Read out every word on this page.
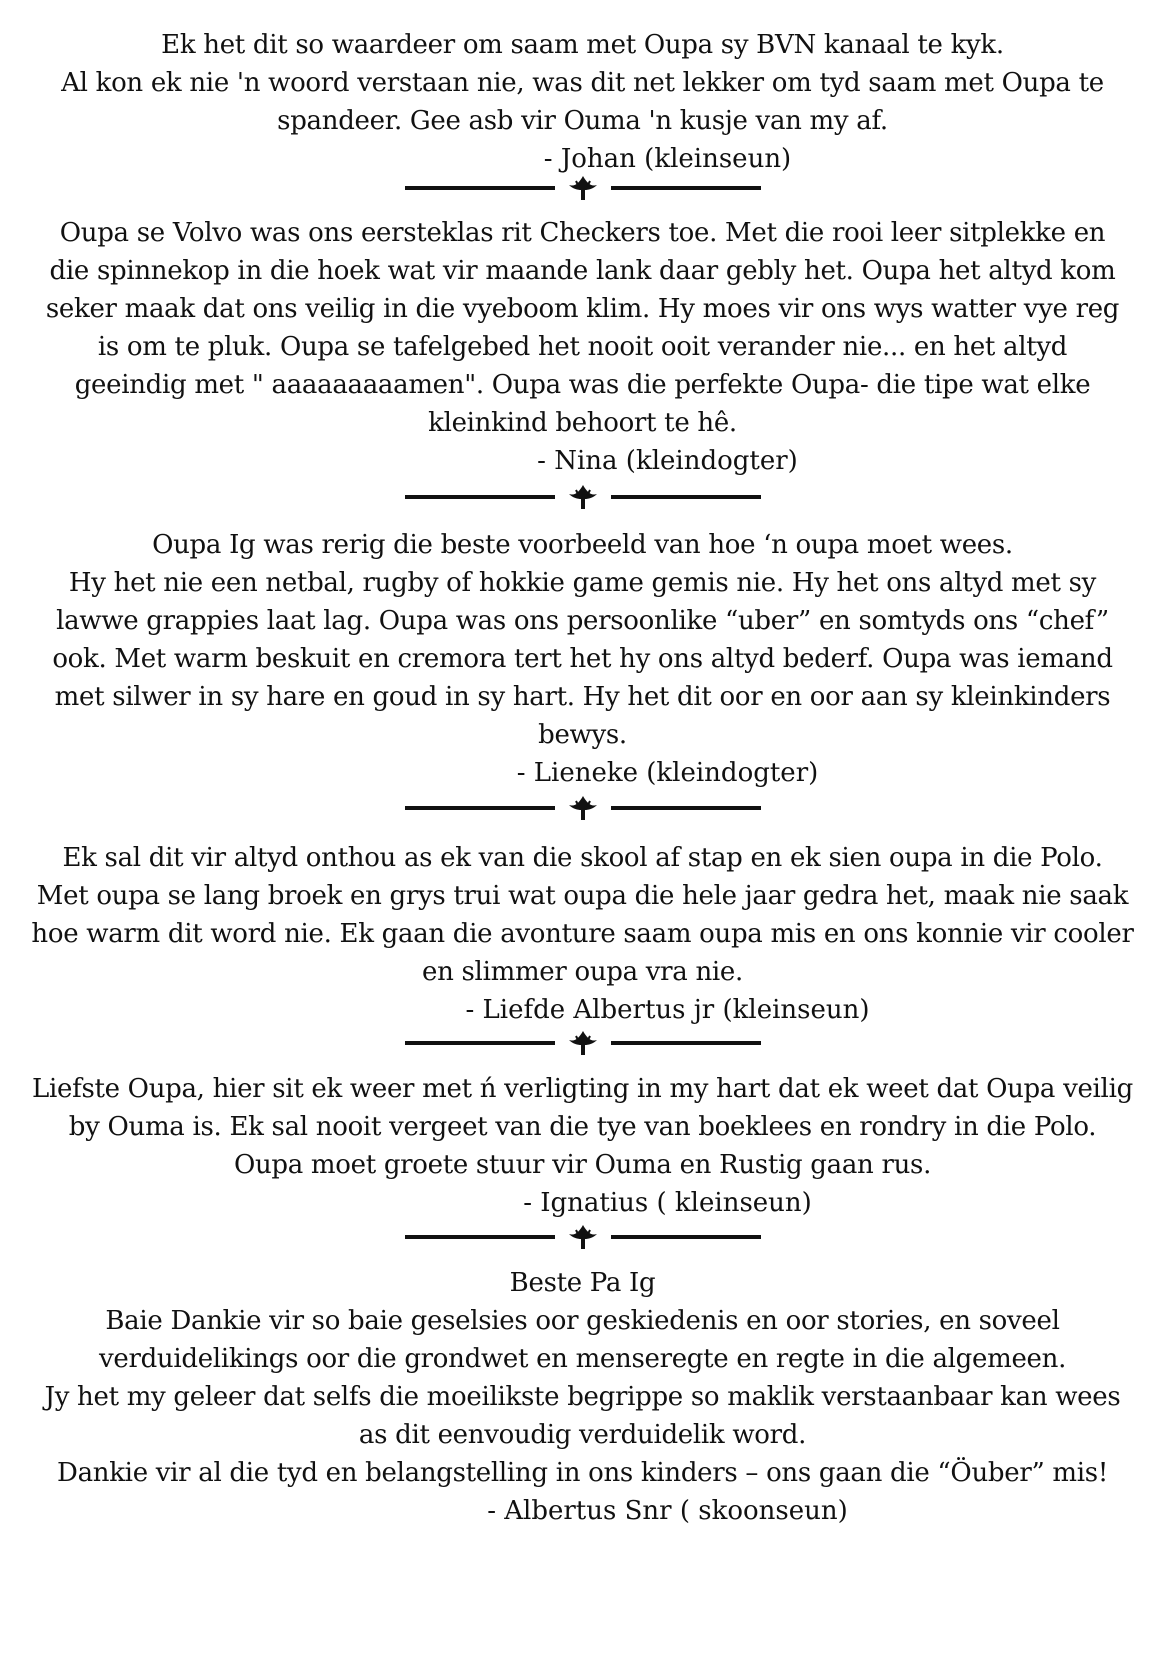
Ek het dit so waardeer om saam met Oupa sy BVN kanaal te kyk.
Al kon ek nie 'n woord verstaan nie, was dit net lekker om tyd saam met Oupa te
spandeer. Gee asb vir Ouma 'n kusje van my af.
- Johan (kleinseun)
Oupa se Volvo was ons eersteklas rit Checkers toe. Met die rooi leer sitplekke en
die spinnekop in die hoek wat vir maande lank daar gebly het. Oupa het altyd kom
seker maak dat ons veilig in die vyeboom klim. Hy moes vir ons wys watter vye reg
is om te pluk. Oupa se tafelgebed het nooit ooit verander nie... en het altyd
geeindig met " aaaaaaaaamen". Oupa was die perfekte Oupa- die tipe wat elke
kleinkind behoort te hê.
- Nina (kleindogter)
Oupa Ig was rerig die beste voorbeeld van hoe ‘n oupa moet wees.
Hy het nie een netbal, rugby of hokkie game gemis nie. Hy het ons altyd met sy
lawwe grappies laat lag. Oupa was ons persoonlike “uber” en somtyds ons “chef”
ook. Met warm beskuit en cremora tert het hy ons altyd bederf. Oupa was iemand
met silwer in sy hare en goud in sy hart. Hy het dit oor en oor aan sy kleinkinders
bewys.
- Lieneke (kleindogter)
Ek sal dit vir altyd onthou as ek van die skool af stap en ek sien oupa in die Polo.
Met oupa se lang broek en grys trui wat oupa die hele jaar gedra het, maak nie saak
hoe warm dit word nie. Ek gaan die avonture saam oupa mis en ons konnie vir cooler
en slimmer oupa vra nie.
- Liefde Albertus jr (kleinseun)
Liefste Oupa, hier sit ek weer met ń verligting in my hart dat ek weet dat Oupa veilig
by Ouma is. Ek sal nooit vergeet van die tye van boeklees en rondry in die Polo.
Oupa moet groete stuur vir Ouma en Rustig gaan rus.
- Ignatius ( kleinseun)
Beste Pa Ig
Baie Dankie vir so baie geselsies oor geskiedenis en oor stories, en soveel
verduidelikings oor die grondwet en menseregte en regte in die algemeen.
Jy het my geleer dat selfs die moeilikste begrippe so maklik verstaanbaar kan wees
as dit eenvoudig verduidelik word.
Dankie vir al die tyd en belangstelling in ons kinders – ons gaan die “Öuber” mis!
- Albertus Snr ( skoonseun)
